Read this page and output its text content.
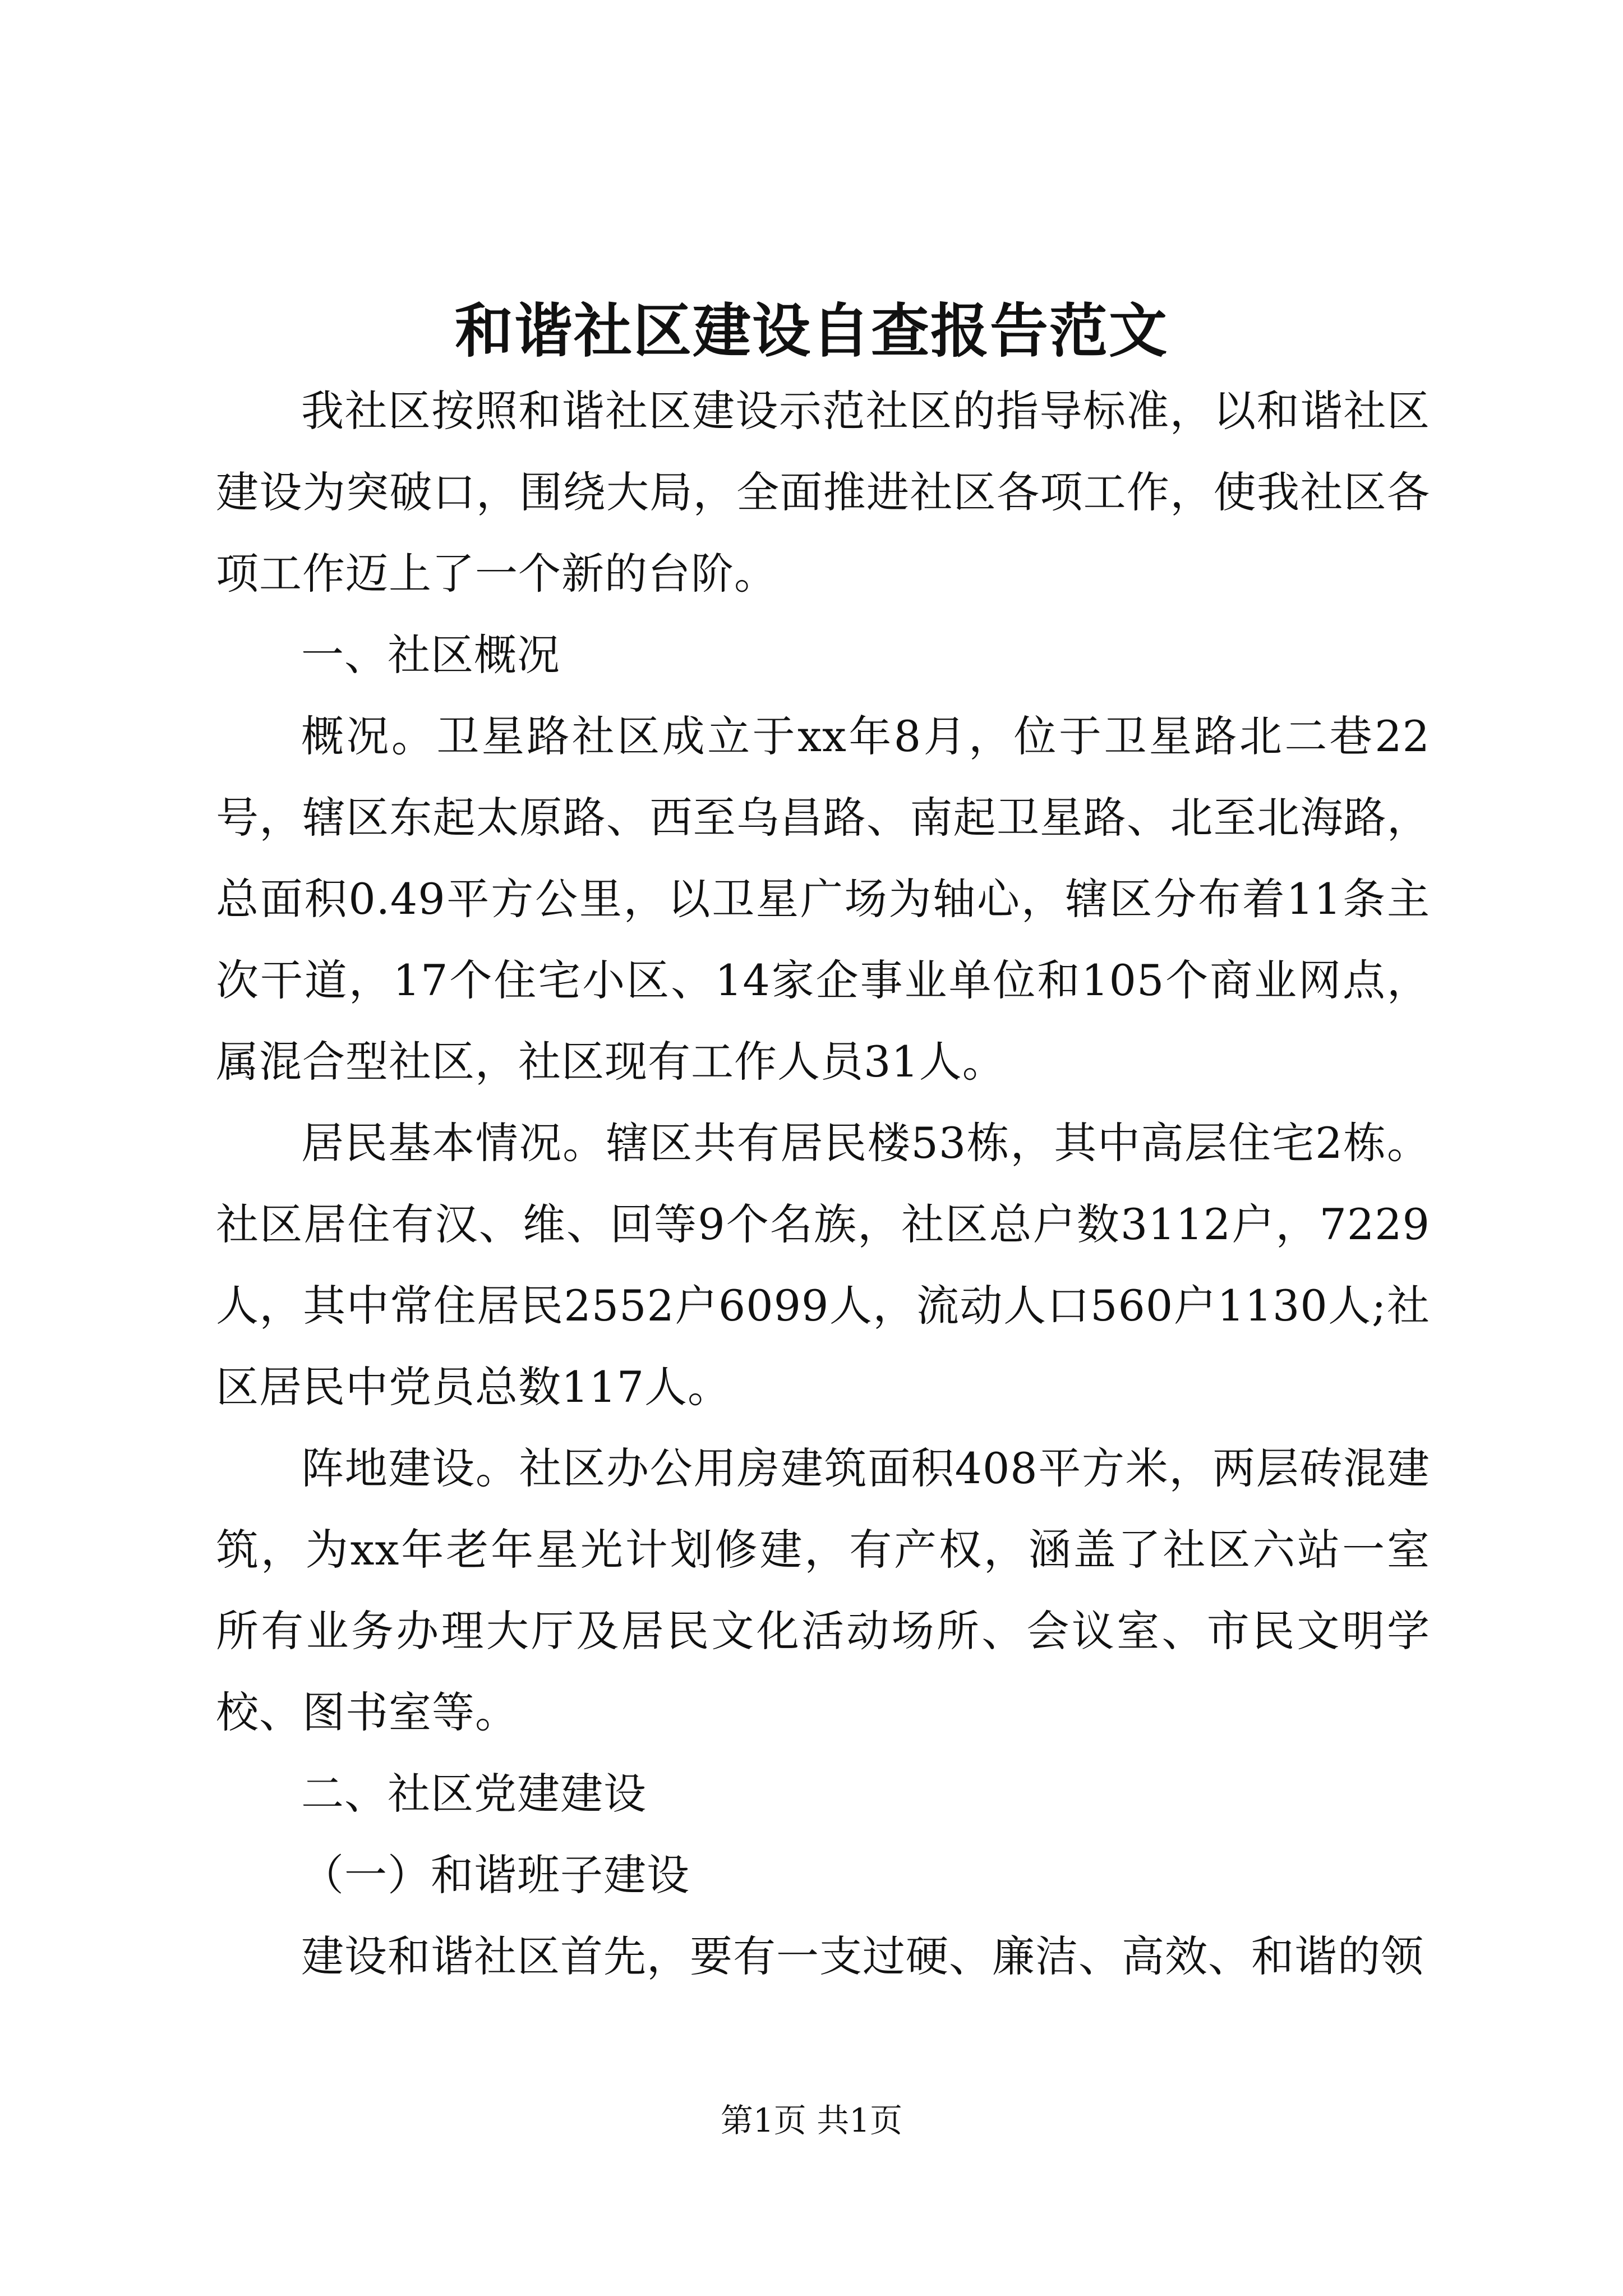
和谐社区建设自查报告范文

我社区按照和谐社区建设示范社区的指导标准，以和谐社区建设为突破口，围绕大局，全面推进社区各项工作，使我社区各项工作迈上了一个新的台阶。

一、社区概况

概况。卫星路社区成立于xx年8月，位于卫星路北二巷22号，辖区东起太原路、西至乌昌路、南起卫星路、北至北海路，总面积0.49平方公里，以卫星广场为轴心，辖区分布着11条主次干道，17个住宅小区、14家企事业单位和105个商业网点，属混合型社区，社区现有工作人员31人。

居民基本情况。辖区共有居民楼53栋，其中高层住宅2栋。社区居住有汉、维、回等9个名族，社区总户数3112户，7229人，其中常住居民2552户6099人，流动人口560户1130人;社区居民中党员总数117人。

阵地建设。社区办公用房建筑面积408平方米，两层砖混建筑，为xx年老年星光计划修建，有产权，涵盖了社区六站一室所有业务办理大厅及居民文化活动场所、会议室、市民文明学校、图书室等。

二、社区党建建设

（一）和谐班子建设

建设和谐社区首先，要有一支过硬、廉洁、高效、和谐的领

第1页 共1页
